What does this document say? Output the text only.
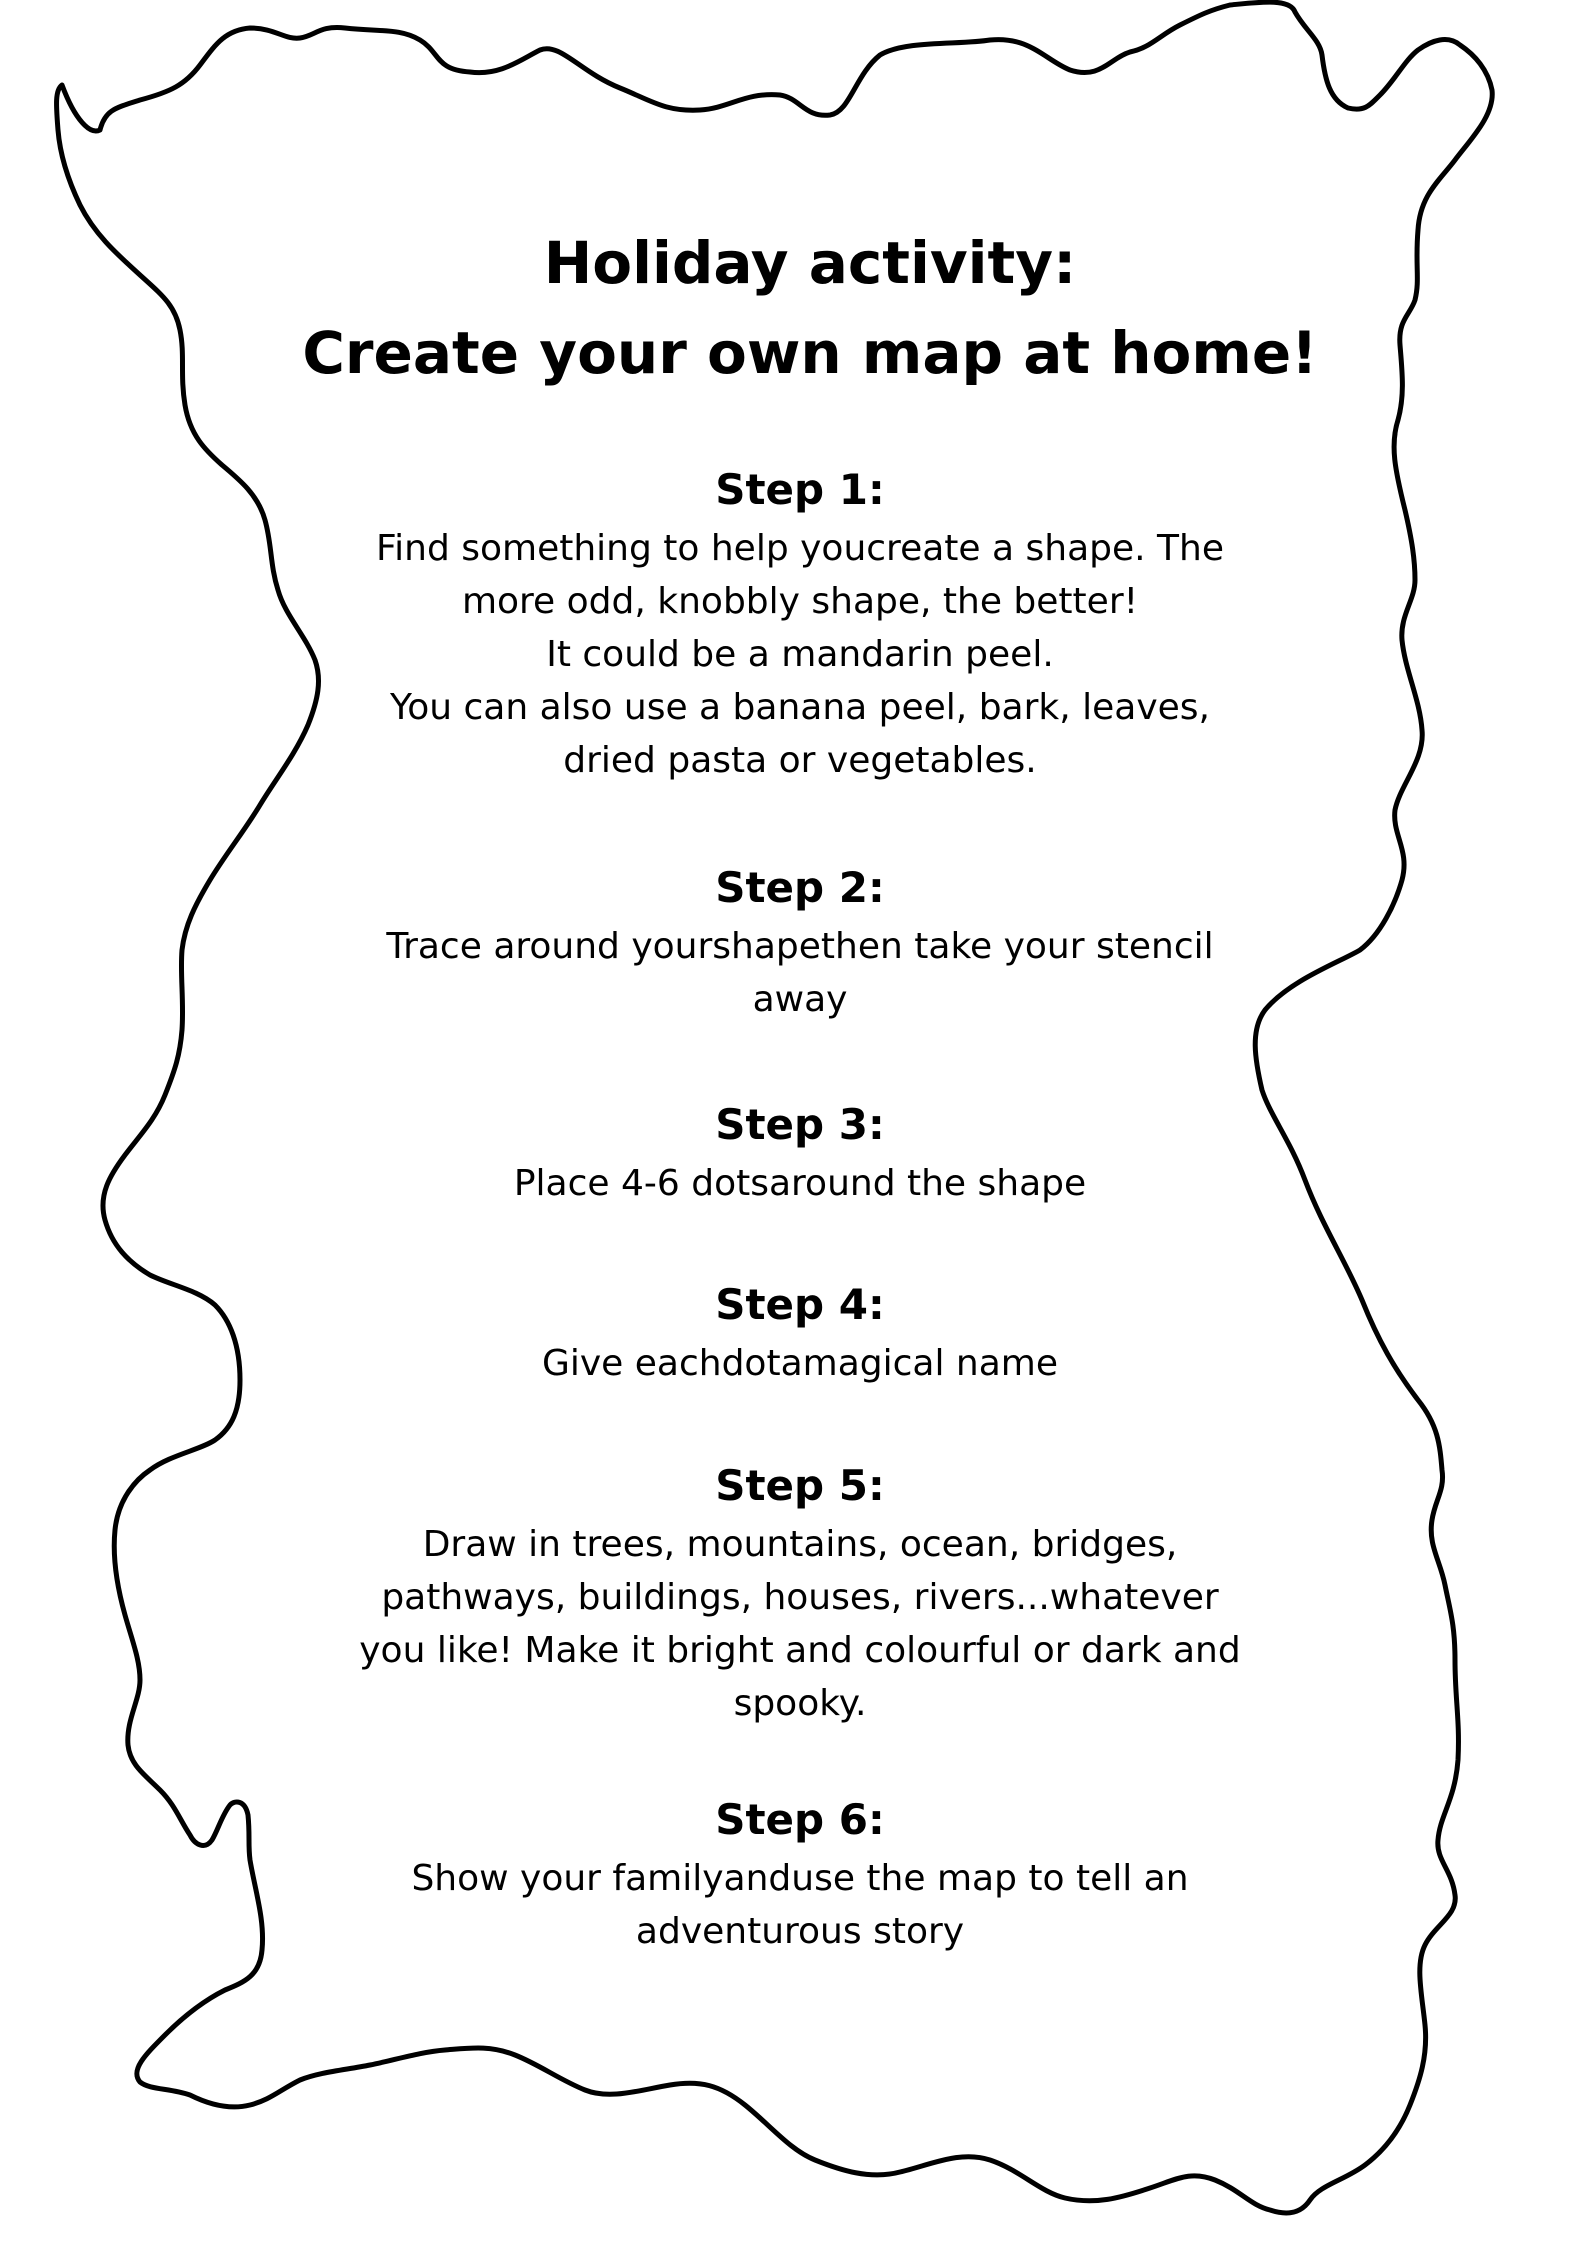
Holiday activity:
Create your own map at home!
Step 1:
Find something to help youcreate a shape. The
more odd, knobbly shape, the better!
It could be a mandarin peel.
You can also use a banana peel, bark, leaves,
dried pasta or vegetables.
Step 2:
Trace around yourshapethen take your stencil
away
Step 3:
Place 4-6 dotsaround the shape
Step 4:
Give eachdotamagical name
Step 5:
Draw in trees, mountains, ocean, bridges,
pathways, buildings, houses, rivers...whatever
you like! Make it bright and colourful or dark and
spooky.
Step 6:
Show your familyanduse the map to tell an
adventurous story
